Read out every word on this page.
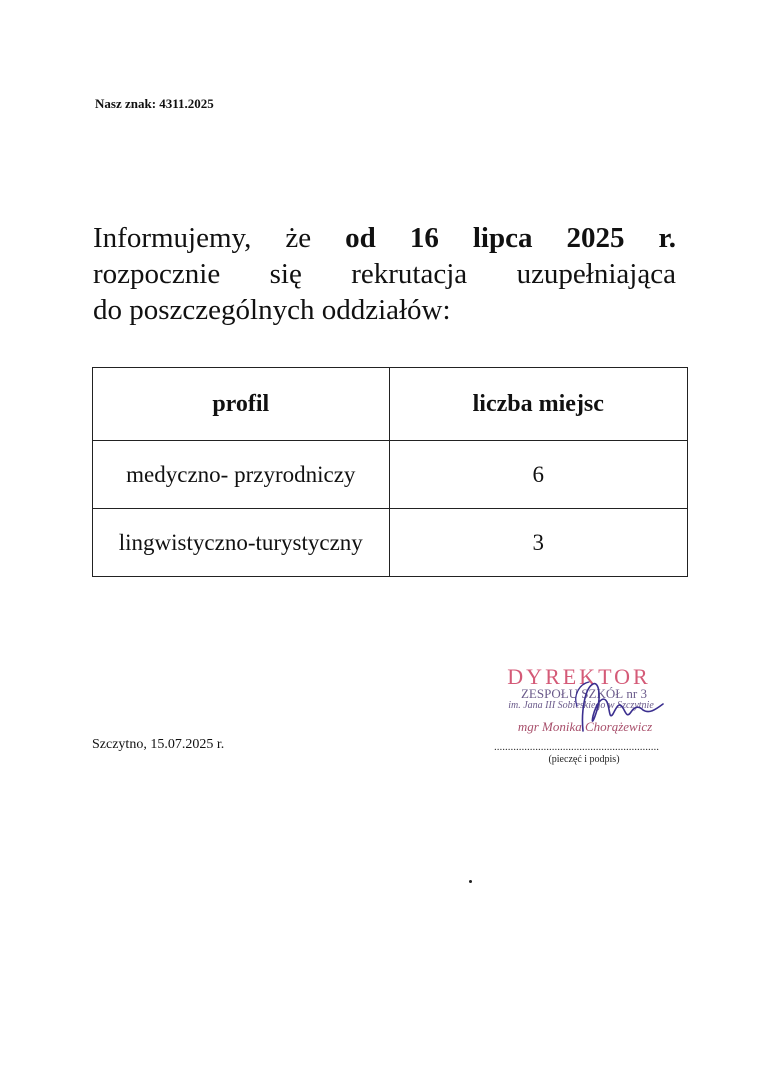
Nasz znak: 4311.2025
Informujemy, że od 16 lipca 2025 r.
rozpocznie się rekrutacja uzupełniająca
do poszczególnych oddziałów:
profil	liczba miejsc
medyczno- przyrodniczy	6
lingwistyczno-turystyczny	3
Szczytno, 15.07.2025 r.
DYREKTOR
ZESPOŁU SZKÓŁ nr 3
im. Jana III Sobieskiego w Szczytnie
mgr Monika Chorążewicz
............................................................
(pieczęć i podpis)
